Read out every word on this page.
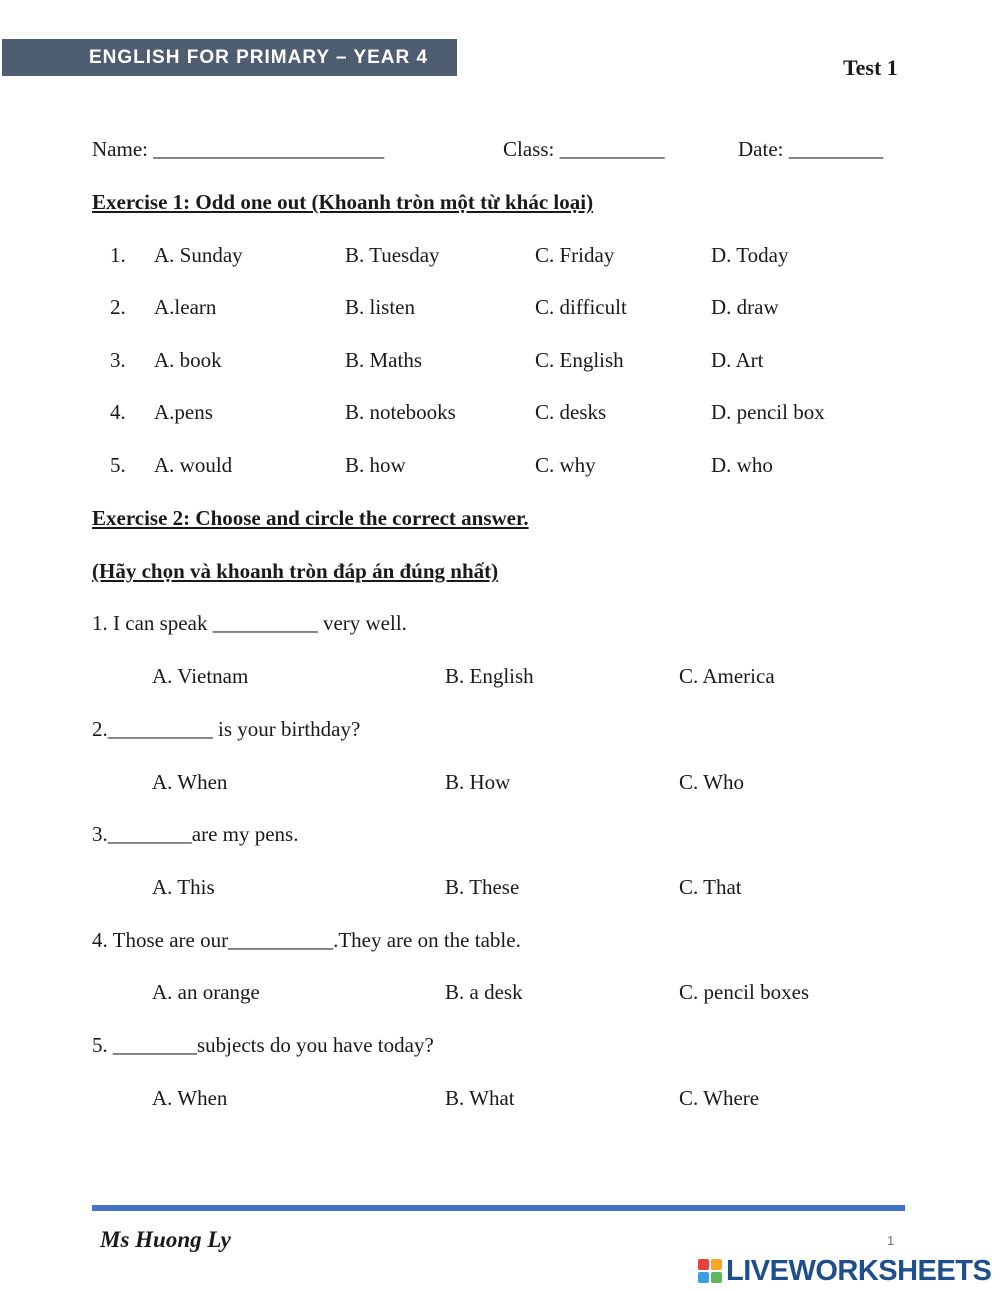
ENGLISH FOR PRIMARY – YEAR 4	Test 1
Name: ______________________	Class: __________	Date: _________
Exercise 1: Odd one out (Khoanh tròn một từ khác loại)
1. A. Sunday	B. Tuesday	C. Friday	D. Today
2. A.learn	B. listen	C. difficult	D. draw
3. A. book	B. Maths	C. English	D. Art
4. A.pens	B. notebooks	C. desks	D. pencil box
5. A. would	B. how	C. why	D. who
Exercise 2: Choose and circle the correct answer.
(Hãy chọn và khoanh tròn đáp án đúng nhất)
1. I can speak __________ very well.
A. Vietnam	B. English	C. America
2.__________ is your birthday?
A. When	B. How	C. Who
3.________are my pens.
A. This	B. These	C. That
4. Those are our__________.They are on the table.
A. an orange	B. a desk	C. pencil boxes
5. ________subjects do you have today?
A. When	B. What	C. Where
Ms Huong Ly	1
LIVEWORKSHEETS
